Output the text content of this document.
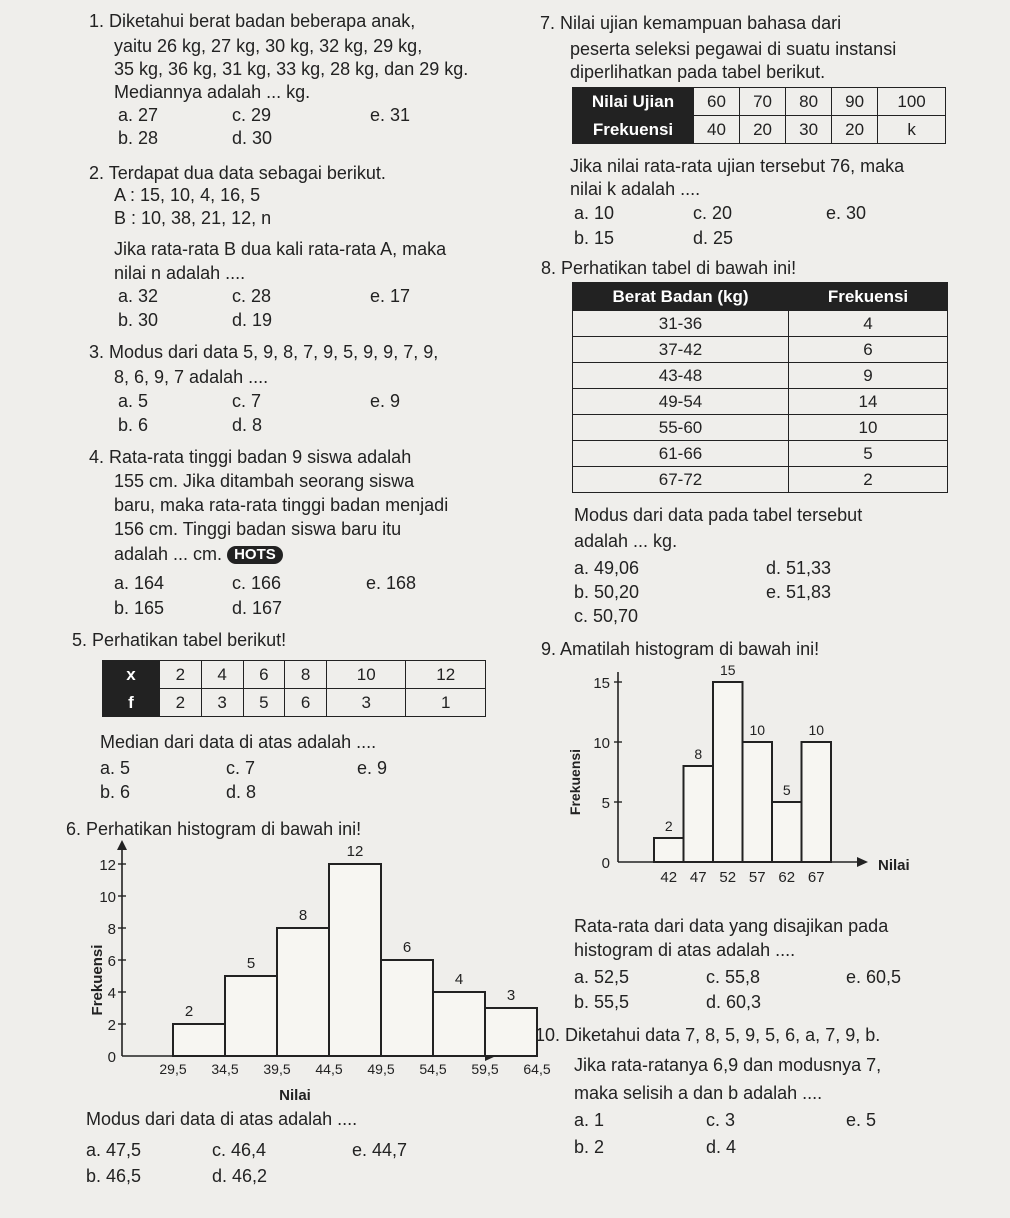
1. Diketahui berat badan beberapa anak,
yaitu 26 kg, 27 kg, 30 kg, 32 kg, 29 kg,
35 kg, 36 kg, 31 kg, 33 kg, 28 kg, dan 29 kg.
Mediannya adalah ... kg.
a. 27	c. 29	e. 31
b. 28	d. 30
2. Terdapat dua data sebagai berikut.
A : 15, 10, 4, 16, 5
B : 10, 38, 21, 12, n
Jika rata-rata B dua kali rata-rata A, maka
nilai n adalah ....
a. 32	c. 28	e. 17
b. 30	d. 19
3. Modus dari data 5, 9, 8, 7, 9, 5, 9, 9, 7, 9,
8, 6, 9, 7 adalah ....
a. 5	c. 7	e. 9
b. 6	d. 8
4. Rata-rata tinggi badan 9 siswa adalah
155 cm. Jika ditambah seorang siswa
baru, maka rata-rata tinggi badan menjadi
156 cm. Tinggi badan siswa baru itu
adalah ... cm. HOTS
a. 164	c. 166	e. 168
b. 165	d. 167
5. Perhatikan tabel berikut!
x	2	4	6	8	10	12
f	2	3	5	6	3	1
Median dari data di atas adalah ....
a. 5	c. 7	e. 9
b. 6	d. 8
6. Perhatikan histogram di bawah ini!
0
2
4
6
8
10
12
2
5
8
12
6
4
3
29,5 34,5 39,5 44,5 49,5 54,5 59,5 64,5
Nilai
Frekuensi
Modus dari data di atas adalah ....
a. 47,5	c. 46,4	e. 44,7
b. 46,5	d. 46,2
7. Nilai ujian kemampuan bahasa dari
peserta seleksi pegawai di suatu instansi
diperlihatkan pada tabel berikut.
Nilai Ujian	60	70	80	90	100
Frekuensi	40	20	30	20	k
Jika nilai rata-rata ujian tersebut 76, maka
nilai k adalah ....
a. 10	c. 20	e. 30
b. 15	d. 25
8. Perhatikan tabel di bawah ini!
Berat Badan (kg)	Frekuensi
31-36	4
37-42	6
43-48	9
49-54	14
55-60	10
61-66	5
67-72	2
Modus dari data pada tabel tersebut
adalah ... kg.
a. 49,06	d. 51,33
b. 50,20	e. 51,83
c. 50,70
9. Amatilah histogram di bawah ini!
0
5
10
15
2
8
15
10
5
10
42 47 52 57 62 67
Nilai
Frekuensi
Rata-rata dari data yang disajikan pada
histogram di atas adalah ....
a. 52,5	c. 55,8	e. 60,5
b. 55,5	d. 60,3
10. Diketahui data 7, 8, 5, 9, 5, 6, a, 7, 9, b.
Jika rata-ratanya 6,9 dan modusnya 7,
maka selisih a dan b adalah ....
a. 1	c. 3	e. 5
b. 2	d. 4
